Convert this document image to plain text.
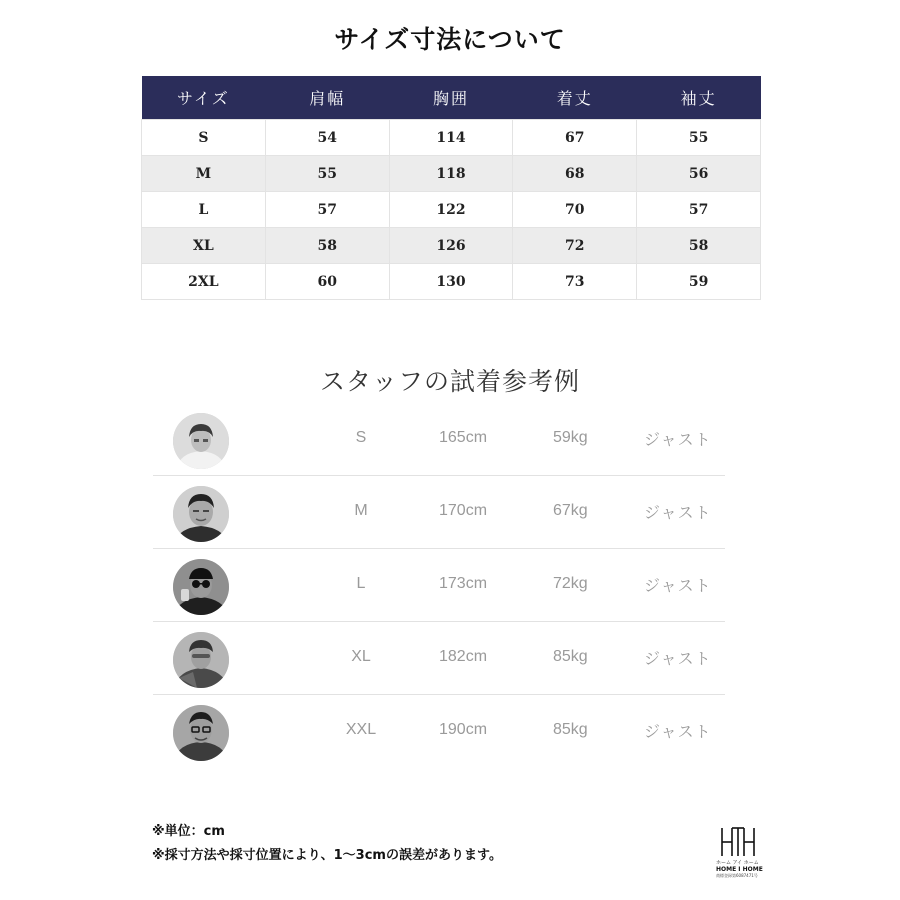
サイズ寸法について
サイズ	肩幅	胸囲	着丈	袖丈
S	54	114	67	55
M	55	118	68	56
L	57	122	70	57
XL	58	126	72	58
2XL	60	130	73	59
スタッフの試着参考例
S	165cm	59kg	ジャスト
M	170cm	67kg	ジャスト
L	173cm	72kg	ジャスト
XL	182cm	85kg	ジャスト
XXL	190cm	85kg	ジャスト
※単位：cm
※採寸方法や採寸位置により、1～3cmの誤差があります。	ホーム アイ ホーム
HOME I HOME
商標登録第6087471号
